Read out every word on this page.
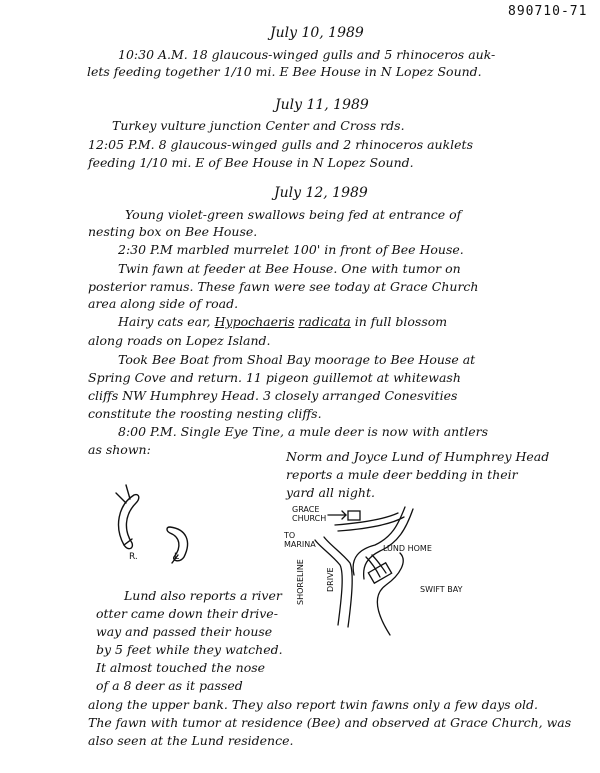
890710-71
July 10, 1989
10:30 A.M. 18 glaucous-winged gulls and 5 rhinoceros auk-
lets feeding together 1/10 mi. E Bee House in N Lopez Sound.
July 11, 1989
Turkey vulture junction Center and Cross rds.
12:05 P.M. 8 glaucous-winged gulls and 2 rhinoceros auklets
feeding 1/10 mi. E of Bee House in N Lopez Sound.
July 12, 1989
Young violet-green swallows being fed at entrance of
nesting box on Bee House.
2:30 P.M marbled murrelet 100' in front of Bee House.
Twin fawn at feeder at Bee House. One with tumor on
posterior ramus. These fawn were see today at Grace Church
area along side of road.
Hairy cats ear, Hypochaeris radicata in full blossom
along roads on Lopez Island.
Took Bee Boat from Shoal Bay moorage to Bee House at
Spring Cove and return. 11 pigeon guillemot at whitewash
cliffs NW Humphrey Head. 3 closely arranged Conesvities
constitute the roosting nesting cliffs.
8:00 P.M. Single Eye Tine, a mule deer is now with antlers
as shown:	Norm and Joyce Lund of Humphrey Head
reports a mule deer bedding in their
yard all night.
R.	L
GRACE
CHURCH
TO
MARINA	LUND HOME
SWIFT BAY
SHORELINE	DRIVE
Lund also reports a river
otter came down their drive-
way and passed their house
by 5 feet while they watched.
It almost touched the nose
of a 8 deer as it passed
along the upper bank. They also report twin fawns only a few days old.
The fawn with tumor at residence (Bee) and observed at Grace Church, was
also seen at the Lund residence.
